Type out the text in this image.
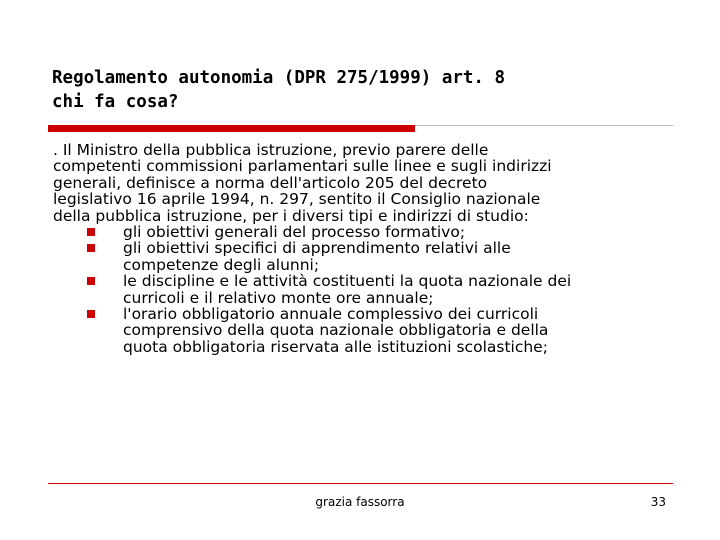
Regolamento autonomia (DPR 275/1999) art. 8
chi fa cosa?

. Il Ministro della pubblica istruzione, previo parere delle
competenti commissioni parlamentari sulle linee e sugli indirizzi
generali, definisce a norma dell'articolo 205 del decreto
legislativo 16 aprile 1994, n. 297, sentito il Consiglio nazionale
della pubblica istruzione, per i diversi tipi e indirizzi di studio:

gli obiettivi generali del processo formativo;
gli obiettivi specifici di apprendimento relativi alle
competenze degli alunni;
le discipline e le attività costituenti la quota nazionale dei
curricoli e il relativo monte ore annuale;
l'orario obbligatorio annuale complessivo dei curricoli
comprensivo della quota nazionale obbligatoria e della
quota obbligatoria riservata alle istituzioni scolastiche;
grazia fassorra	33
